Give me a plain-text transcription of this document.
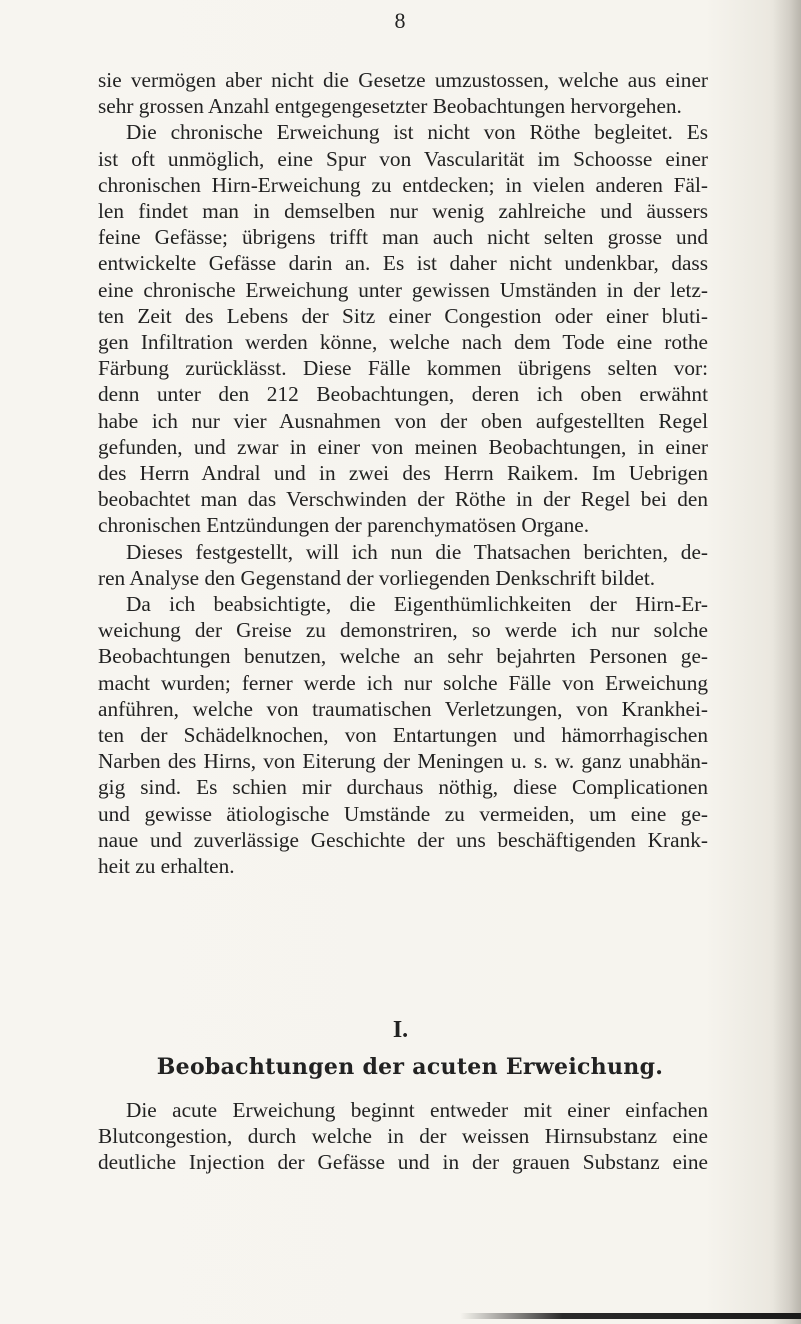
8
sie vermögen aber nicht die Gesetze umzustossen, welche aus einer
sehr grossen Anzahl entgegengesetzter Beobachtungen hervorgehen.
Die chronische Erweichung ist nicht von Röthe begleitet. Es
ist oft unmöglich, eine Spur von Vascularität im Schoosse einer
chronischen Hirn-Erweichung zu entdecken; in vielen anderen Fäl-
len findet man in demselben nur wenig zahlreiche und äussers
feine Gefässe; übrigens trifft man auch nicht selten grosse und
entwickelte Gefässe darin an. Es ist daher nicht undenkbar, dass
eine chronische Erweichung unter gewissen Umständen in der letz-
ten Zeit des Lebens der Sitz einer Congestion oder einer bluti-
gen Infiltration werden könne, welche nach dem Tode eine rothe
Färbung zurücklässt. Diese Fälle kommen übrigens selten vor:
denn unter den 212 Beobachtungen, deren ich oben erwähnt
habe ich nur vier Ausnahmen von der oben aufgestellten Regel
gefunden, und zwar in einer von meinen Beobachtungen, in einer
des Herrn Andral und in zwei des Herrn Raikem. Im Uebrigen
beobachtet man das Verschwinden der Röthe in der Regel bei den
chronischen Entzündungen der parenchymatösen Organe.
Dieses festgestellt, will ich nun die Thatsachen berichten, de-
ren Analyse den Gegenstand der vorliegenden Denkschrift bildet.
Da ich beabsichtigte, die Eigenthümlichkeiten der Hirn-Er-
weichung der Greise zu demonstriren, so werde ich nur solche
Beobachtungen benutzen, welche an sehr bejahrten Personen ge-
macht wurden; ferner werde ich nur solche Fälle von Erweichung
anführen, welche von traumatischen Verletzungen, von Krankhei-
ten der Schädelknochen, von Entartungen und hämorrhagischen
Narben des Hirns, von Eiterung der Meningen u. s. w. ganz unabhän-
gig sind. Es schien mir durchaus nöthig, diese Complicationen
und gewisse ätiologische Umstände zu vermeiden, um eine ge-
naue und zuverlässige Geschichte der uns beschäftigenden Krank-
heit zu erhalten.
I.
Beobachtungen der acuten Erweichung.
Die acute Erweichung beginnt entweder mit einer einfachen
Blutcongestion, durch welche in der weissen Hirnsubstanz eine
deutliche Injection der Gefässe und in der grauen Substanz eine
